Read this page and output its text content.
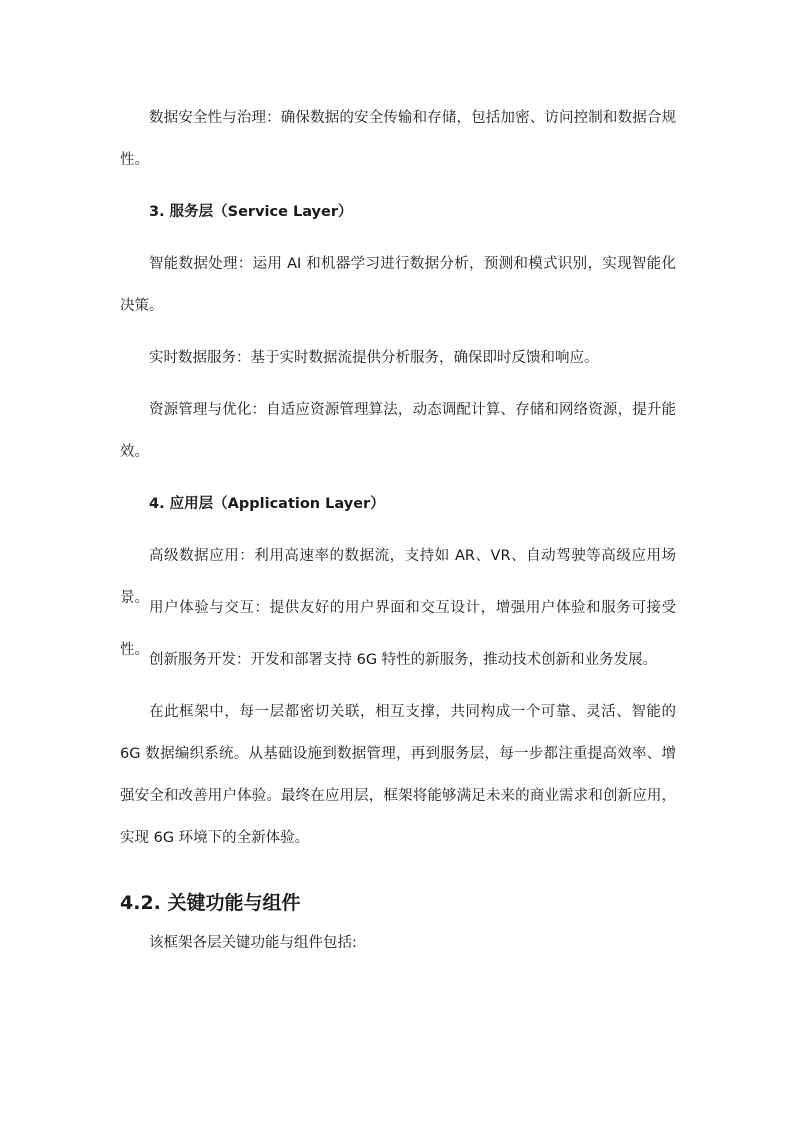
数据安全性与治理：确保数据的安全传输和存储，包括加密、访问控制和数据合规性。

3. 服务层（Service Layer）

智能数据处理：运用 AI 和机器学习进行数据分析，预测和模式识别，实现智能化决策。

实时数据服务：基于实时数据流提供分析服务，确保即时反馈和响应。

资源管理与优化：自适应资源管理算法，动态调配计算、存储和网络资源，提升能效。

4. 应用层（Application Layer）

高级数据应用：利用高速率的数据流，支持如 AR、VR、自动驾驶等高级应用场景。

用户体验与交互：提供友好的用户界面和交互设计，增强用户体验和服务可接受性。

创新服务开发：开发和部署支持 6G 特性的新服务，推动技术创新和业务发展。

在此框架中，每一层都密切关联，相互支撑，共同构成一个可靠、灵活、智能的 6G 数据编织系统。从基础设施到数据管理，再到服务层，每一步都注重提高效率、增强安全和改善用户体验。最终在应用层，框架将能够满足未来的商业需求和创新应用，实现 6G 环境下的全新体验。

4.2. 关键功能与组件

该框架各层关键功能与组件包括:
